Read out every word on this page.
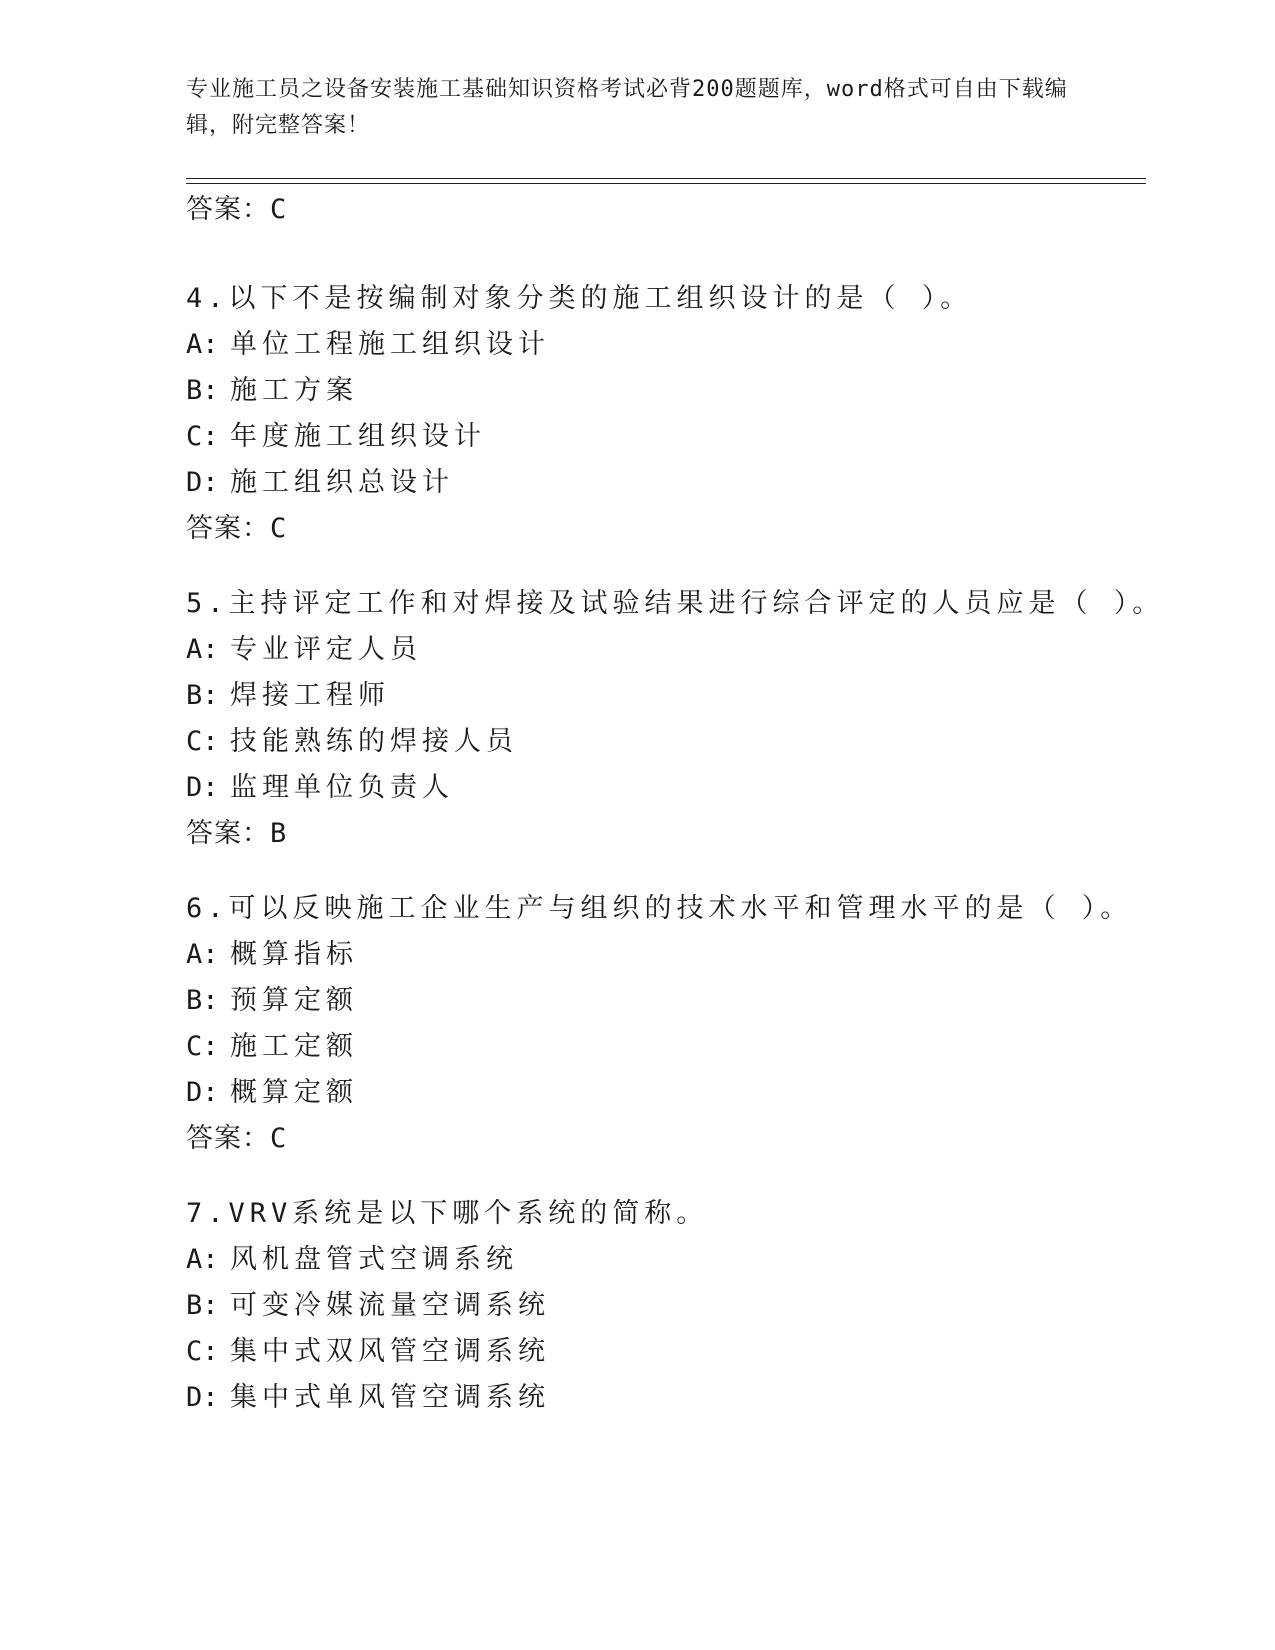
专业施工员之设备安装施工基础知识资格考试必背200题题库，word格式可自由下载编辑，附完整答案！
答案：C
4.以下不是按编制对象分类的施工组织设计的是（ ）。
A: 单位工程施工组织设计
B: 施工方案
C: 年度施工组织设计
D: 施工组织总设计
答案：C
5.主持评定工作和对焊接及试验结果进行综合评定的人员应是（ ）。
A: 专业评定人员
B: 焊接工程师
C: 技能熟练的焊接人员
D: 监理单位负责人
答案：B
6.可以反映施工企业生产与组织的技术水平和管理水平的是（ ）。
A: 概算指标
B: 预算定额
C: 施工定额
D: 概算定额
答案：C
7.VRV系统是以下哪个系统的简称。
A: 风机盘管式空调系统
B: 可变冷媒流量空调系统
C: 集中式双风管空调系统
D: 集中式单风管空调系统
